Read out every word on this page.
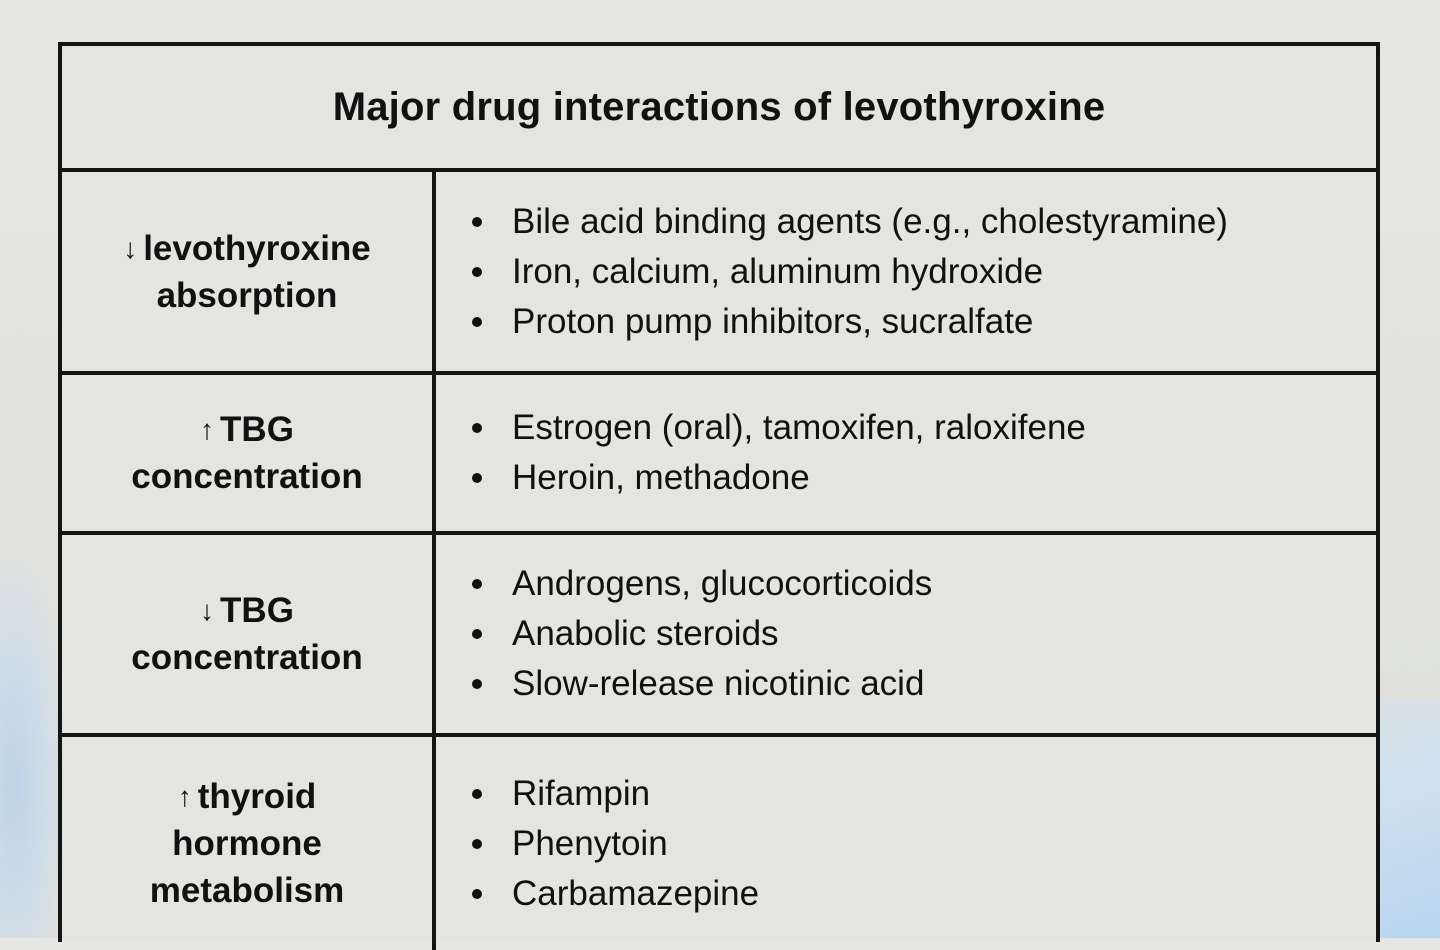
Major drug interactions of levothyroxine
↓ levothyroxine
absorption
Bile acid binding agents (e.g., cholestyramine)
Iron, calcium, aluminum hydroxide
Proton pump inhibitors, sucralfate
↑ TBG
concentration
Estrogen (oral), tamoxifen, raloxifene
Heroin, methadone
↓ TBG
concentration
Androgens, glucocorticoids
Anabolic steroids
Slow-release nicotinic acid
↑ thyroid
hormone
metabolism
Rifampin
Phenytoin
Carbamazepine
